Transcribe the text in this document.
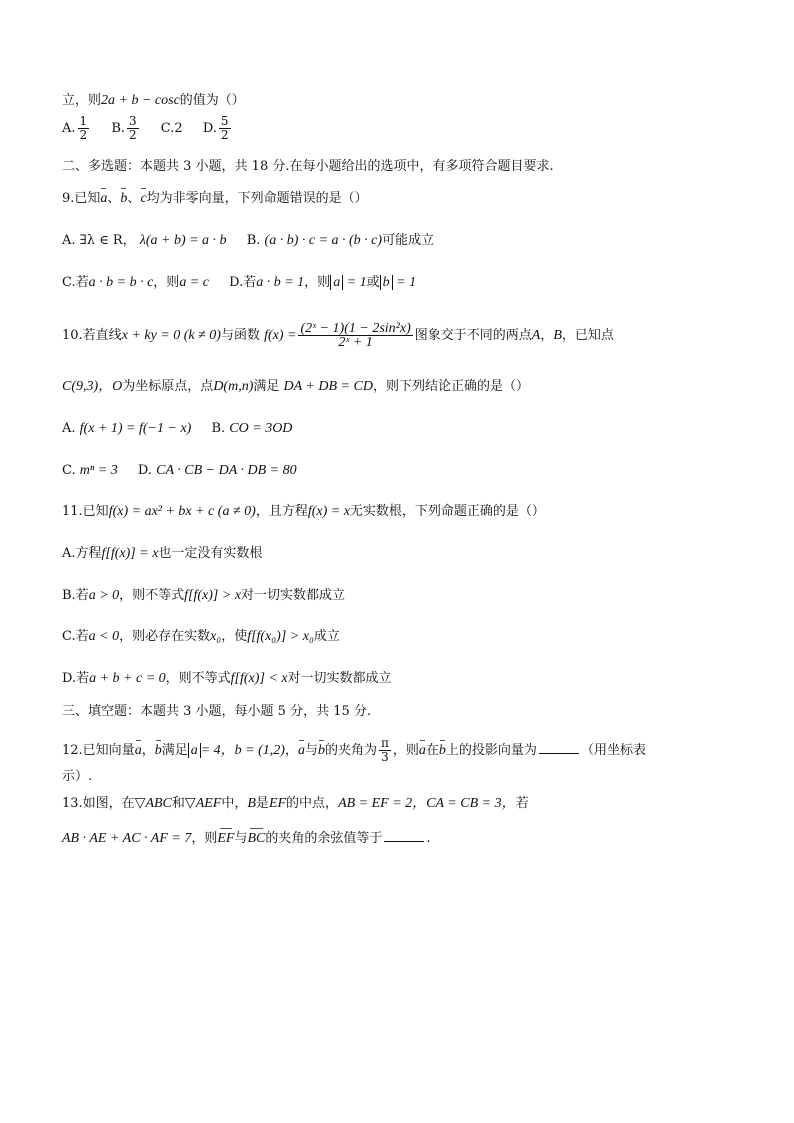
立，则2a + b − cosc的值为（）
A. $\frac{1}{2} B$. $\frac{3}{2} C.2$ D. $\frac{5}{2}$
二、多选题：本题共 3 小题，共 18 分.在每小题给出的选项中，有多项符合题目要求.
9.已知a、b、c均为非零向量，下列命题错误的是（）
A. ∃λ ∈ R， λ(a + b) = a · b B. (a · b) · c = a · (b · c)可能成立
C.若a · b = b · c，则a = c D.若a · b = 1，则 a = 1或 b = 1
10.若直线x + ky = 0 (k ≠ 0)与函数 $f(x) = \frac{\text{(2ˣ − 1)(1 − 2sin²x)}}{\text{2ˣ + 1}}$ 图象交于不同的两点A，B，已知点
C(9,3)，O为坐标原点，点D(m,n)满足 DA + DB = CD，则下列结论正确的是（）
A. f(x + 1) = f(−1 − x) B. CO = 3OD
C. mⁿ = 3 D. CA · CB − DA · DB = 80
11.已知f(x) = ax² + bx + c (a ≠ 0)，且方程f(x) = x无实数根，下列命题正确的是（）
A.方程f[f(x)] = x也一定没有实数根
B.若a > 0，则不等式f[f(x)] > x对一切实数都成立
C.若a < 0，则必存在实数x₀，使f[f(x₀)] > x₀成立
D.若a + b + c = 0，则不等式f[f(x)] < x对一切实数都成立
三、填空题：本题共 3 小题，每小题 5 分，共 15 分.
12.已知向量a，b满足 a = 4，b = (1,2)，a与b的夹角为 $\frac{\pi}{3}$ ，则a在b上的投影向量为	（用坐标表
示）.
13.如图，在▽ABC和▽AEF中，B是EF的中点，AB = EF = 2，CA = CB = 3，若
AB · AE + AC · AF = 7，则EF与BC的夹角的余弦值等于	.
